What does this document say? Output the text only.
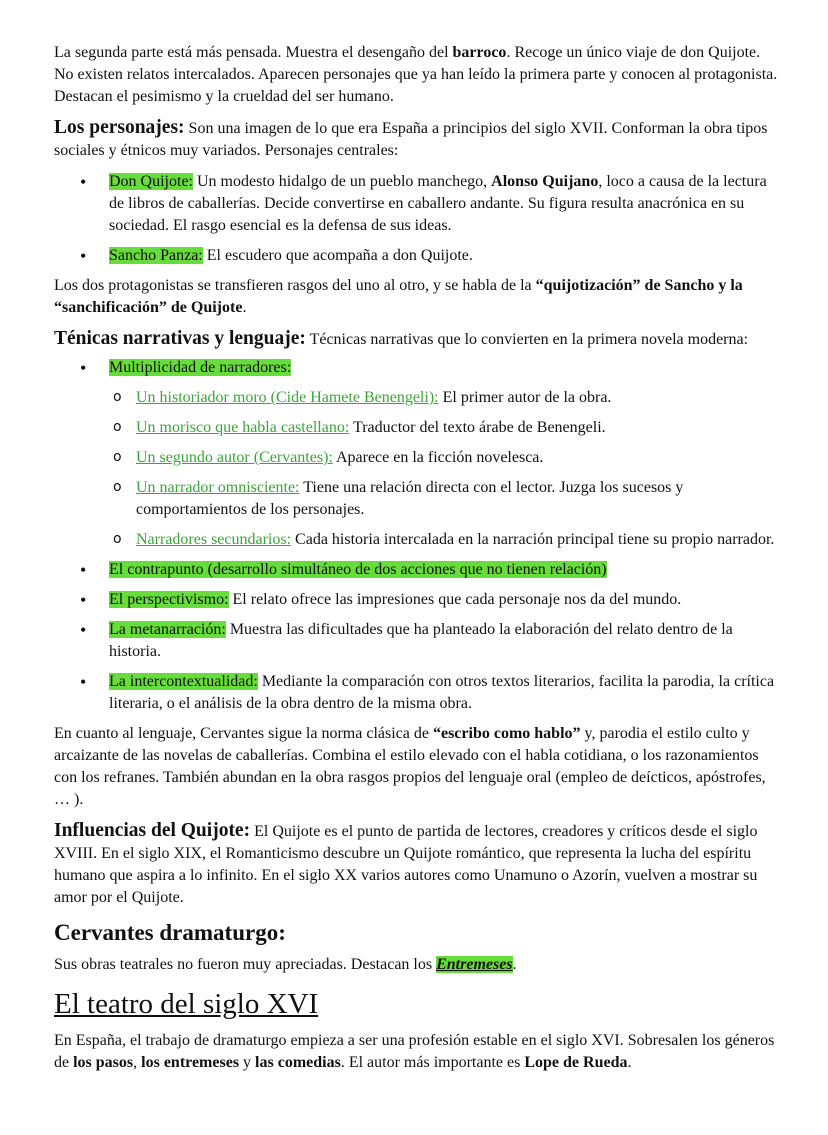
La segunda parte está más pensada. Muestra el desengaño del barroco. Recoge un único viaje de don Quijote. No existen relatos intercalados. Aparecen personajes que ya han leído la primera parte y conocen al protagonista. Destacan el pesimismo y la crueldad del ser humano.

Los personajes: Son una imagen de lo que era España a principios del siglo XVII. Conforman la obra tipos sociales y étnicos muy variados. Personajes centrales:

• Don Quijote: Un modesto hidalgo de un pueblo manchego, Alonso Quijano, loco a causa de la lectura de libros de caballerías. Decide convertirse en caballero andante. Su figura resulta anacrónica en su sociedad. El rasgo esencial es la defensa de sus ideas.
• Sancho Panza: El escudero que acompaña a don Quijote.

Los dos protagonistas se transfieren rasgos del uno al otro, y se habla de la “quijotización” de Sancho y la “sanchificación” de Quijote.

Ténicas narrativas y lenguaje: Técnicas narrativas que lo convierten en la primera novela moderna:

• Multiplicidad de narradores:
o Un historiador moro (Cide Hamete Benengeli): El primer autor de la obra.
o Un morisco que habla castellano: Traductor del texto árabe de Benengeli.
o Un segundo autor (Cervantes): Aparece en la ficción novelesca.
o Un narrador omnisciente: Tiene una relación directa con el lector. Juzga los sucesos y comportamientos de los personajes.
o Narradores secundarios: Cada historia intercalada en la narración principal tiene su propio narrador.
• El contrapunto (desarrollo simultáneo de dos acciones que no tienen relación)
• El perspectivismo: El relato ofrece las impresiones que cada personaje nos da del mundo.
• La metanarración: Muestra las dificultades que ha planteado la elaboración del relato dentro de la historia.
• La intercontextualidad: Mediante la comparación con otros textos literarios, facilita la parodia, la crítica literaria, o el análisis de la obra dentro de la misma obra.

En cuanto al lenguaje, Cervantes sigue la norma clásica de “escribo como hablo” y, parodia el estilo culto y arcaizante de las novelas de caballerías. Combina el estilo elevado con el habla cotidiana, o los razonamientos con los refranes. También abundan en la obra rasgos propios del lenguaje oral (empleo de deícticos, apóstrofes, … ).

Influencias del Quijote: El Quijote es el punto de partida de lectores, creadores y críticos desde el siglo XVIII. En el siglo XIX, el Romanticismo descubre un Quijote romántico, que representa la lucha del espíritu humano que aspira a lo infinito. En el siglo XX varios autores como Unamuno o Azorín, vuelven a mostrar su amor por el Quijote.

Cervantes dramaturgo:

Sus obras teatrales no fueron muy apreciadas. Destacan los Entremeses.

El teatro del siglo XVI

En España, el trabajo de dramaturgo empieza a ser una profesión estable en el siglo XVI. Sobresalen los géneros de los pasos, los entremeses y las comedias. El autor más importante es Lope de Rueda.
